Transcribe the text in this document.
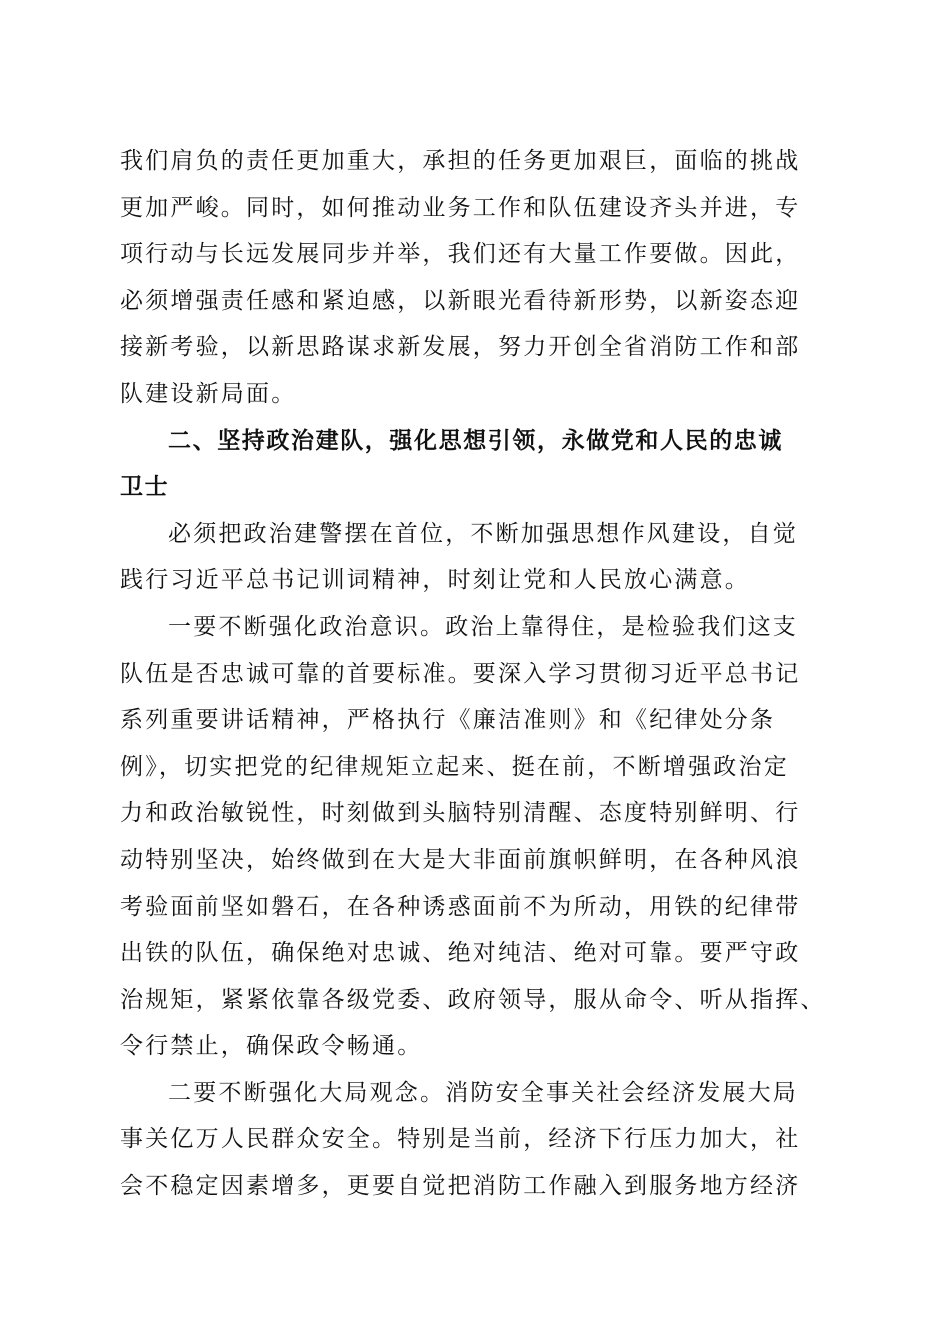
我们肩负的责任更加重大，承担的任务更加艰巨，面临的挑战
更加严峻。同时，如何推动业务工作和队伍建设齐头并进，专
项行动与长远发展同步并举，我们还有大量工作要做。因此，
必须增强责任感和紧迫感，以新眼光看待新形势，以新姿态迎
接新考验，以新思路谋求新发展，努力开创全省消防工作和部
队建设新局面。
二、坚持政治建队，强化思想引领，永做党和人民的忠诚
卫士
必须把政治建警摆在首位，不断加强思想作风建设，自觉
践行习近平总书记训词精神，时刻让党和人民放心满意。
一要不断强化政治意识。政治上靠得住，是检验我们这支
队伍是否忠诚可靠的首要标准。要深入学习贯彻习近平总书记
系列重要讲话精神，严格执行《廉洁准则》和《纪律处分条
例》，切实把党的纪律规矩立起来、挺在前，不断增强政治定
力和政治敏锐性，时刻做到头脑特别清醒、态度特别鲜明、行
动特别坚决，始终做到在大是大非面前旗帜鲜明，在各种风浪
考验面前坚如磐石，在各种诱惑面前不为所动，用铁的纪律带
出铁的队伍，确保绝对忠诚、绝对纯洁、绝对可靠。要严守政
治规矩，紧紧依靠各级党委、政府领导，服从命令、听从指挥、
令行禁止，确保政令畅通。
二要不断强化大局观念。消防安全事关社会经济发展大局
事关亿万人民群众安全。特别是当前，经济下行压力加大，社
会不稳定因素增多，更要自觉把消防工作融入到服务地方经济
